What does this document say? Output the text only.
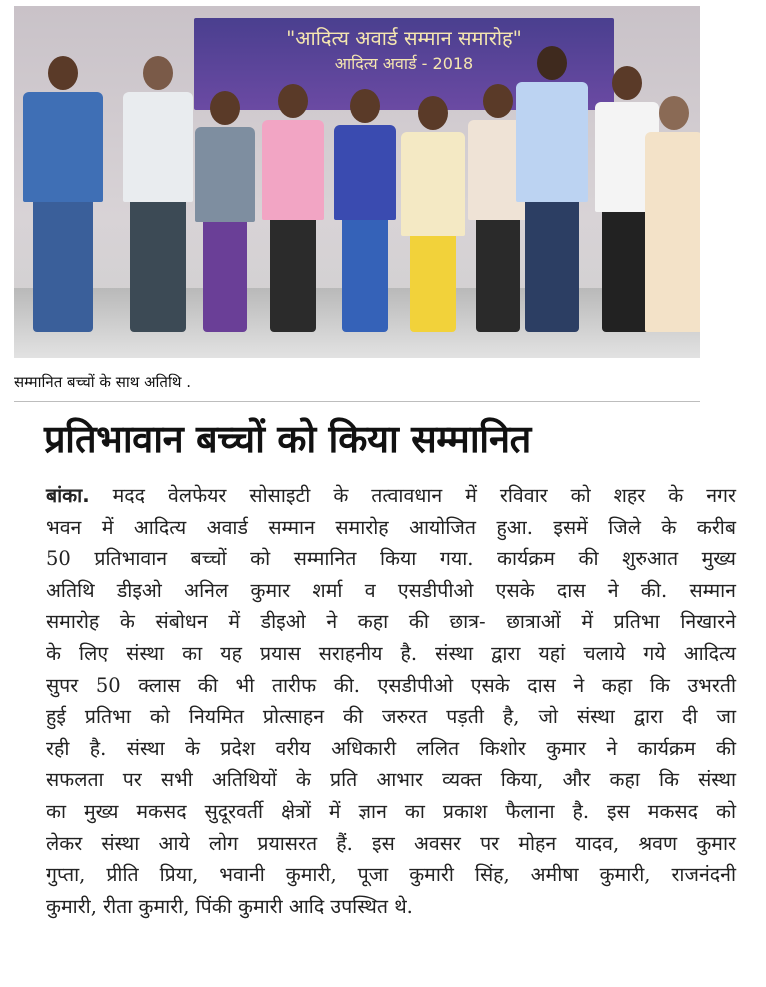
"आदित्य अवार्ड सम्मान समारोह"
आदित्य अवार्ड - 2018
सम्मानित बच्चों के साथ अतिथि .
प्रतिभावान बच्चों को किया सम्मानित
बांका. मदद वेलफेयर सोसाइटी के तत्वावधान में रविवार को शहर के नगर
भवन में आदित्य अवार्ड सम्मान समारोह आयोजित हुआ. इसमें जिले के करीब
50 प्रतिभावान बच्चों को सम्मानित किया गया. कार्यक्रम की शुरुआत मुख्य
अतिथि डीइओ अनिल कुमार शर्मा व एसडीपीओ एसके दास ने की. सम्मान
समारोह के संबोधन में डीइओ ने कहा की छात्र- छात्राओं में प्रतिभा निखारने
के लिए संस्था का यह प्रयास सराहनीय है. संस्था द्वारा यहां चलाये गये आदित्य
सुपर 50 क्लास की भी तारीफ की. एसडीपीओ एसके दास ने कहा कि उभरती
हुई प्रतिभा को नियमित प्रोत्साहन की जरुरत पड़ती है, जो संस्था द्वारा दी जा
रही है. संस्था के प्रदेश वरीय अधिकारी ललित किशोर कुमार ने कार्यक्रम की
सफलता पर सभी अतिथियों के प्रति आभार व्यक्त किया, और कहा कि संस्था
का मुख्य मकसद सुदूरवर्ती क्षेत्रों में ज्ञान का प्रकाश फैलाना है. इस मकसद को
लेकर संस्था आये लोग प्रयासरत हैं. इस अवसर पर मोहन यादव, श्रवण कुमार
गुप्ता, प्रीति प्रिया, भवानी कुमारी, पूजा कुमारी सिंह, अमीषा कुमारी, राजनंदनी
कुमारी, रीता कुमारी, पिंकी कुमारी आदि उपस्थित थे.
